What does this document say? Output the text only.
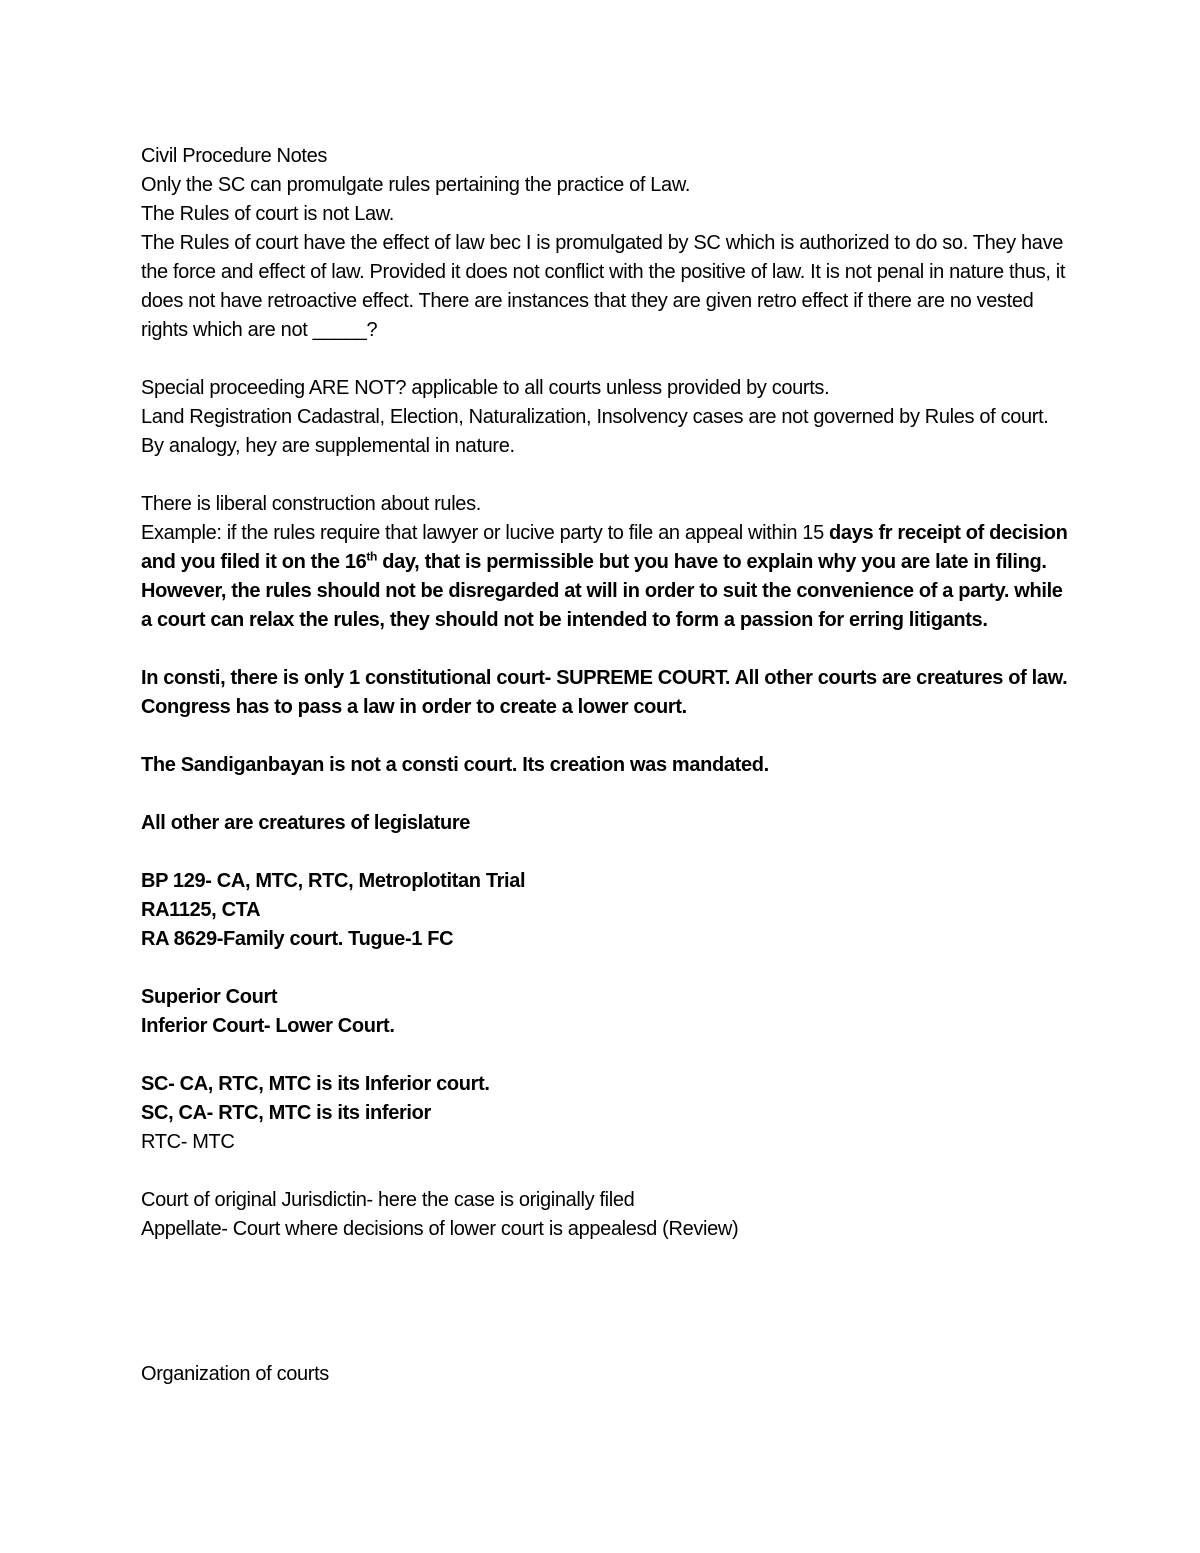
Civil Procedure Notes

Only the SC can promulgate rules pertaining the practice of Law.

The Rules of court is not Law.

The Rules of court have the effect of law bec I is promulgated by SC which is authorized to do so. They have the force and effect of law. Provided it does not conflict with the positive of law. It is not penal in nature thus, it does not have retroactive effect. There are instances that they are given retro effect if there are no vested rights which are not _____?

Special proceeding ARE NOT? applicable to all courts unless provided by courts.

Land Registration Cadastral, Election, Naturalization, Insolvency cases are not governed by Rules of court. By analogy, hey are supplemental in nature.

There is liberal construction about rules.

Example: if the rules require that lawyer or lucive party to file an appeal within 15 days fr receipt of decision and you filed it on the 16th day, that is permissible but you have to explain why you are late in filing. However, the rules should not be disregarded at will in order to suit the convenience of a party. while a court can relax the rules, they should not be intended to form a passion for erring litigants.

In consti, there is only 1 constitutional court- SUPREME COURT. All other courts are creatures of law. Congress has to pass a law in order to create a lower court.

The Sandiganbayan is not a consti court. Its creation was mandated.

All other are creatures of legislature

BP 129- CA, MTC, RTC, Metroplotitan Trial

RA1125, CTA

RA 8629-Family court. Tugue-1 FC

Superior Court

Inferior Court- Lower Court.

SC- CA, RTC, MTC is its Inferior court.

SC, CA- RTC, MTC is its inferior

RTC- MTC

Court of original Jurisdictin- here the case is originally filed

Appellate- Court where decisions of lower court is appealesd (Review)

Organization of courts
